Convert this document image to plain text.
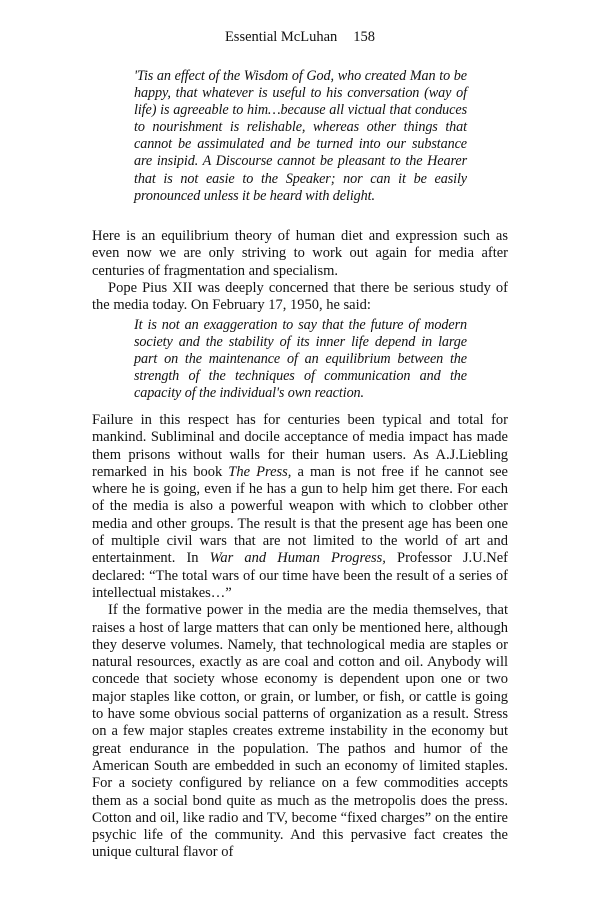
Essential McLuhan 158

'Tis an effect of the Wisdom of God, who created Man to be happy, that whatever is useful to his conversation (way of life) is agreeable to him…because all victual that conduces to nourishment is relishable, whereas other things that cannot be assimulated and be turned into our substance are insipid. A Discourse cannot be pleasant to the Hearer that is not easie to the Speaker; nor can it be easily pronounced unless it be heard with delight.

Here is an equilibrium theory of human diet and expression such as even now we are only striving to work out again for media after centuries of fragmentation and specialism.

Pope Pius XII was deeply concerned that there be serious study of the media today. On February 17, 1950, he said:

It is not an exaggeration to say that the future of modern society and the stability of its inner life depend in large part on the maintenance of an equilibrium between the strength of the techniques of communication and the capacity of the individual's own reaction.

Failure in this respect has for centuries been typical and total for mankind. Subliminal and docile acceptance of media impact has made them prisons without walls for their human users. As A.J.Liebling remarked in his book The Press, a man is not free if he cannot see where he is going, even if he has a gun to help him get there. For each of the media is also a powerful weapon with which to clobber other media and other groups. The result is that the present age has been one of multiple civil wars that are not limited to the world of art and entertainment. In War and Human Progress, Professor J.U.Nef declared: “The total wars of our time have been the result of a series of intellectual mistakes…”

If the formative power in the media are the media themselves, that raises a host of large matters that can only be mentioned here, although they deserve volumes. Namely, that technological media are staples or natural resources, exactly as are coal and cotton and oil. Anybody will concede that society whose economy is dependent upon one or two major staples like cotton, or grain, or lumber, or fish, or cattle is going to have some obvious social patterns of organization as a result. Stress on a few major staples creates extreme instability in the economy but great endurance in the population. The pathos and humor of the American South are embedded in such an economy of limited staples. For a society configured by reliance on a few commodities accepts them as a social bond quite as much as the metropolis does the press. Cotton and oil, like radio and TV, become “fixed charges” on the entire psychic life of the community. And this pervasive fact creates the unique cultural flavor of
